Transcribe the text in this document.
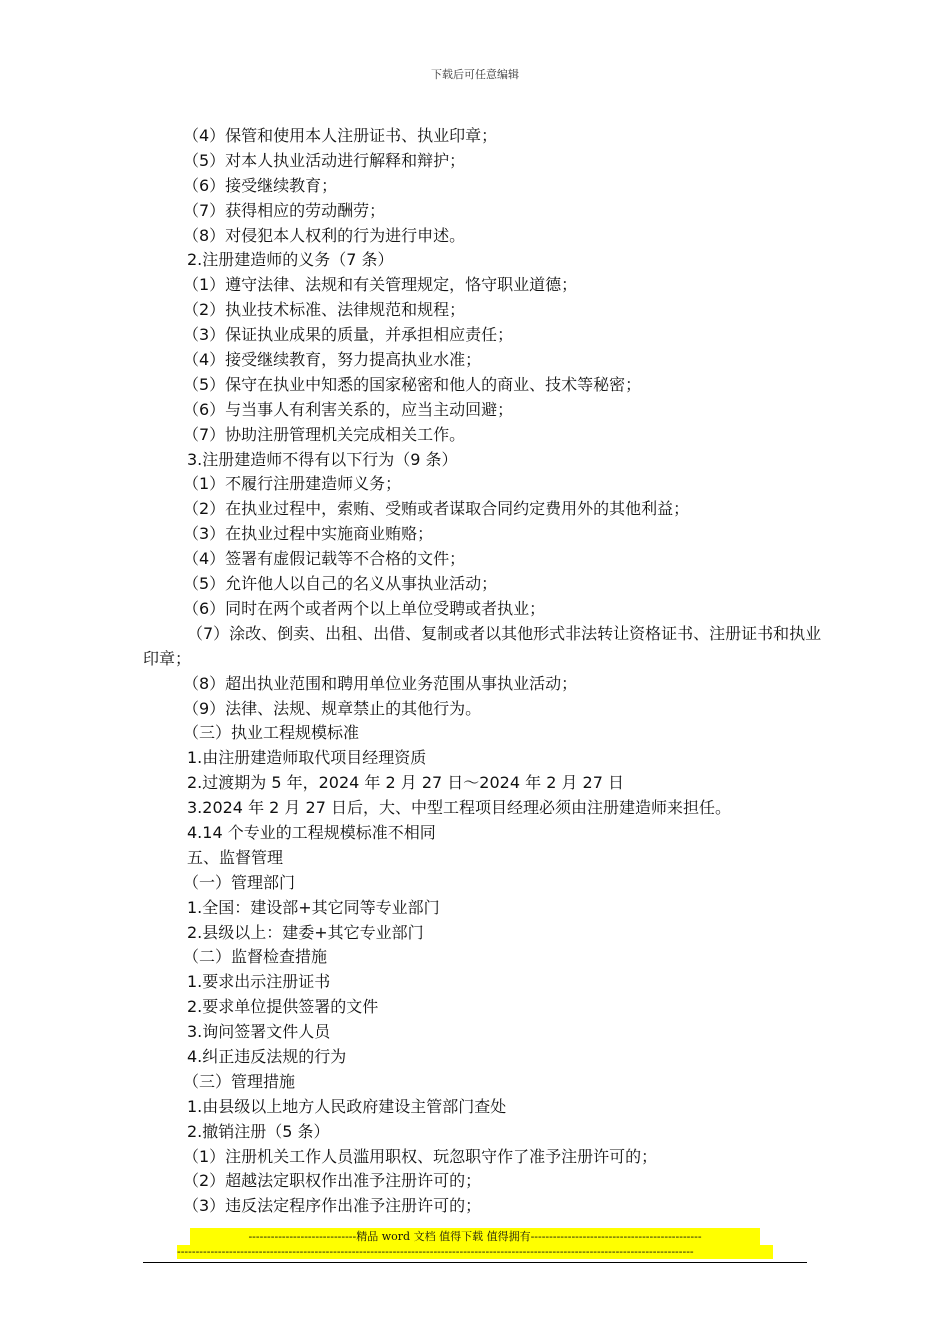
下载后可任意编辑
（4）保管和使用本人注册证书、执业印章；
（5）对本人执业活动进行解释和辩护；
（6）接受继续教育；
（7）获得相应的劳动酬劳；
（8）对侵犯本人权利的行为进行申述。
2.注册建造师的义务（7 条）
（1）遵守法律、法规和有关管理规定，恪守职业道德；
（2）执业技术标准、法律规范和规程；
（3）保证执业成果的质量，并承担相应责任；
（4）接受继续教育，努力提高执业水准；
（5）保守在执业中知悉的国家秘密和他人的商业、技术等秘密；
（6）与当事人有利害关系的，应当主动回避；
（7）协助注册管理机关完成相关工作。
3.注册建造师不得有以下行为（9 条）
（1）不履行注册建造师义务；
（2）在执业过程中，索贿、受贿或者谋取合同约定费用外的其他利益；
（3）在执业过程中实施商业贿赂；
（4）签署有虚假记载等不合格的文件；
（5）允许他人以自己的名义从事执业活动；
（6）同时在两个或者两个以上单位受聘或者执业；
（7）涂改、倒卖、出租、出借、复制或者以其他形式非法转让资格证书、注册证书和执业印章；
（8）超出执业范围和聘用单位业务范围从事执业活动；
（9）法律、法规、规章禁止的其他行为。
（三）执业工程规模标准
1.由注册建造师取代项目经理资质
2.过渡期为 5 年，2024 年 2 月 27 日～2024 年 2 月 27 日
3.2024 年 2 月 27 日后，大、中型工程项目经理必须由注册建造师来担任。
4.14 个专业的工程规模标准不相同
五、监督管理
（一）管理部门
1.全国：建设部+其它同等专业部门
2.县级以上：建委+其它专业部门
（二）监督检查措施
1.要求出示注册证书
2.要求单位提供签署的文件
3.询问签署文件人员
4.纠正违反法规的行为
（三）管理措施
1.由县级以上地方人民政府建设主管部门查处
2.撤销注册（5 条）
（1）注册机关工作人员滥用职权、玩忽职守作了准予注册许可的；
（2）超越法定职权作出准予注册许可的；
（3）违反法定程序作出准予注册许可的；
-----------------------------精品 word 文档 值得下载 值得拥有----------------------------------------------
-------------------------------------------------------------------------------------------------------------------------------------------
